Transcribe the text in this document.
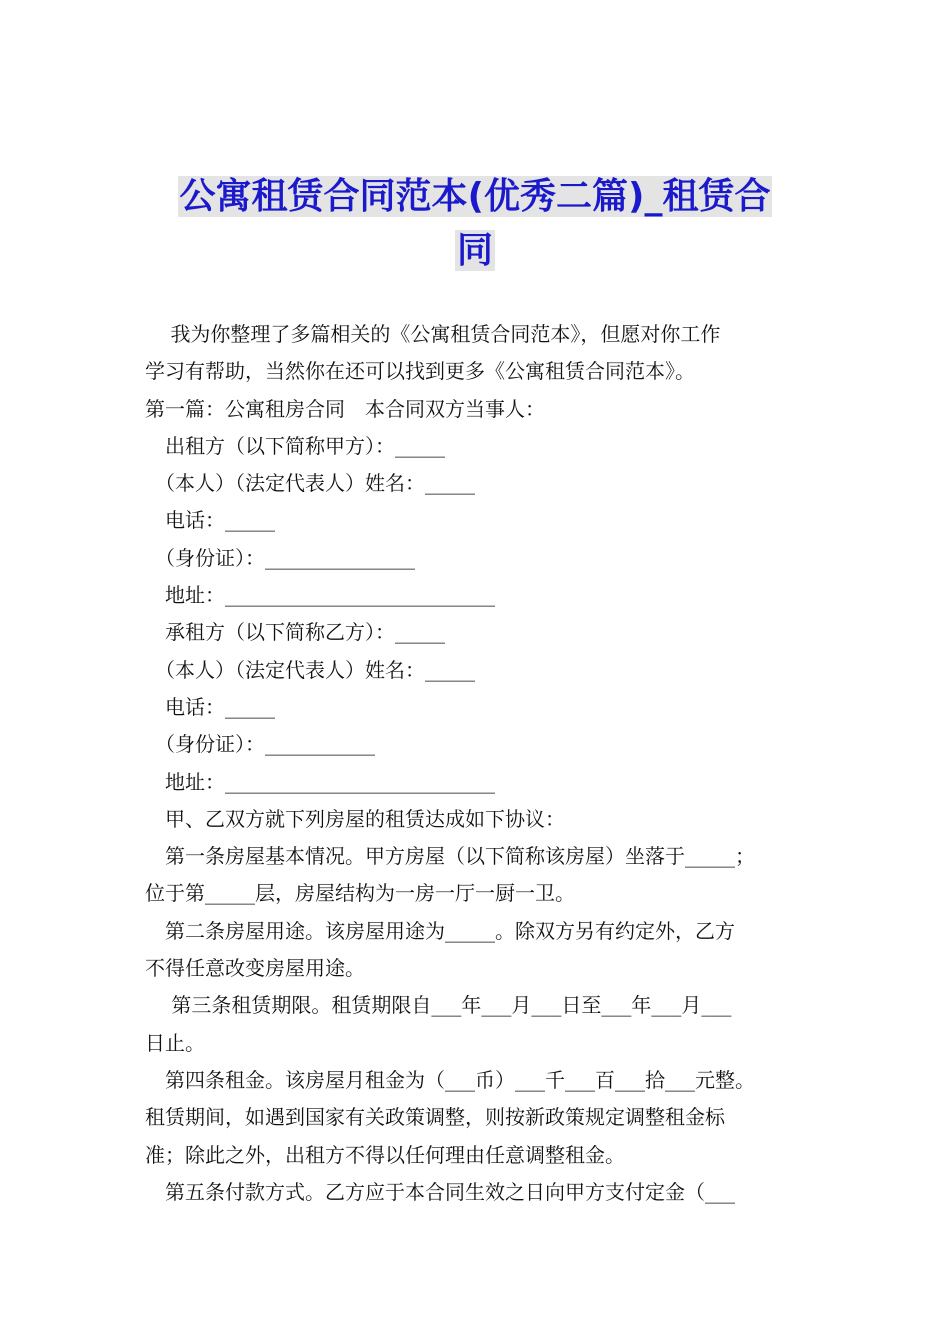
公寓租赁合同范本(优秀二篇)_租赁合
同

我为你整理了多篇相关的《公寓租赁合同范本》，但愿对你工作

学习有帮助，当然你在还可以找到更多《公寓租赁合同范本》。

第一篇：公寓租房合同　本合同双方当事人：

　出租方（以下简称甲方）：_____

　（本人）（法定代表人）姓名：_____

　电话：_____

　（身份证）：_______________

　地址：___________________________

　承租方（以下简称乙方）：_____

　（本人）（法定代表人）姓名：_____

　电话：_____

　（身份证）：___________

　地址：___________________________

　甲、乙双方就下列房屋的租赁达成如下协议：

　第一条房屋基本情况。甲方房屋（以下简称该房屋）坐落于_____；

位于第_____层，房屋结构为一房一厅一厨一卫。

　第二条房屋用途。该房屋用途为_____。除双方另有约定外，乙方

不得任意改变房屋用途。

　 第三条租赁期限。租赁期限自___年___月___日至___年___月___

日止。

　第四条租金。该房屋月租金为（___币）___千___百___拾___元整。

租赁期间，如遇到国家有关政策调整，则按新政策规定调整租金标

准；除此之外，出租方不得以任何理由任意调整租金。

　第五条付款方式。乙方应于本合同生效之日向甲方支付定金（___
